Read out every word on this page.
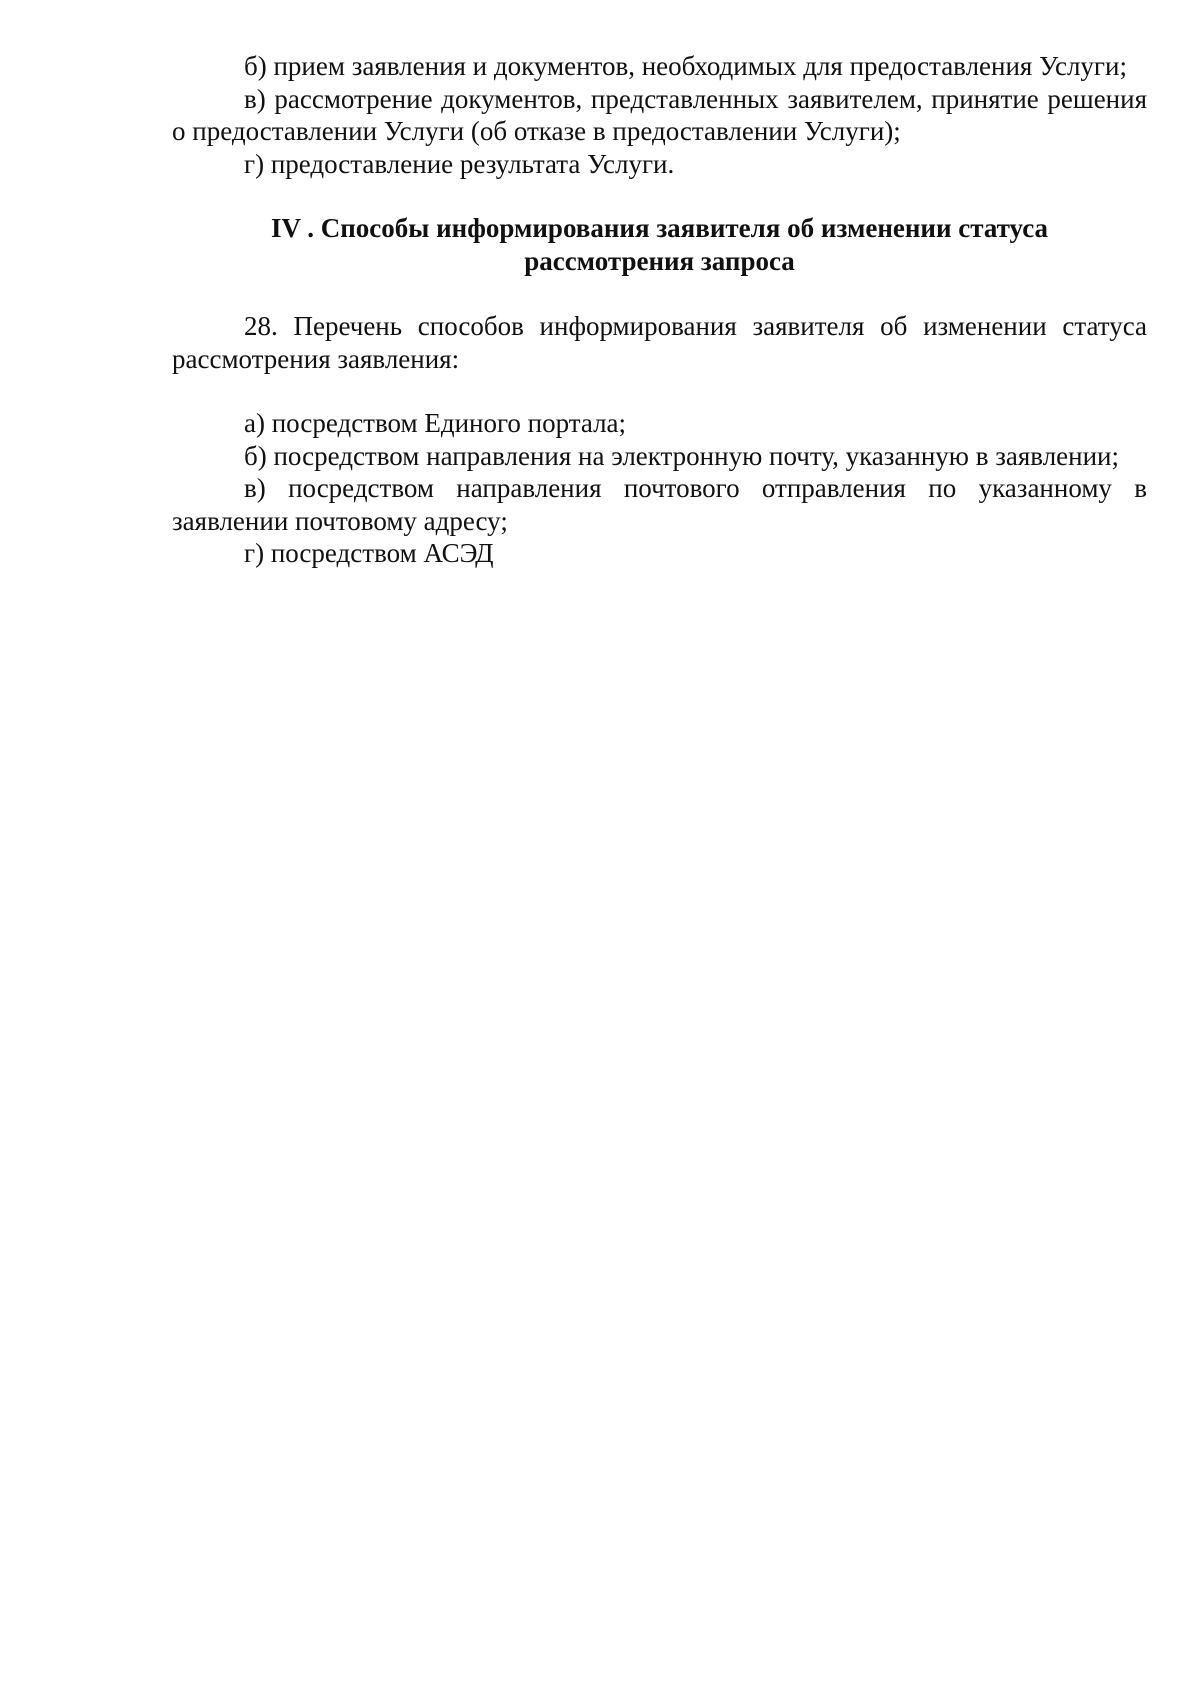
б) прием заявления и документов, необходимых для предоставления Услуги;

в) рассмотрение документов, представленных заявителем, принятие решения о предоставлении Услуги (об отказе в предоставлении Услуги);

г) предоставление результата Услуги.

IV . Способы информирования заявителя об изменении статуса рассмотрения запроса

28. Перечень способов информирования заявителя об изменении статуса рассмотрения заявления:

а) посредством Единого портала;

б) посредством направления на электронную почту, указанную в заявлении;

в) посредством направления почтового отправления по указанному в заявлении почтовому адресу;

г) посредством АСЭД
